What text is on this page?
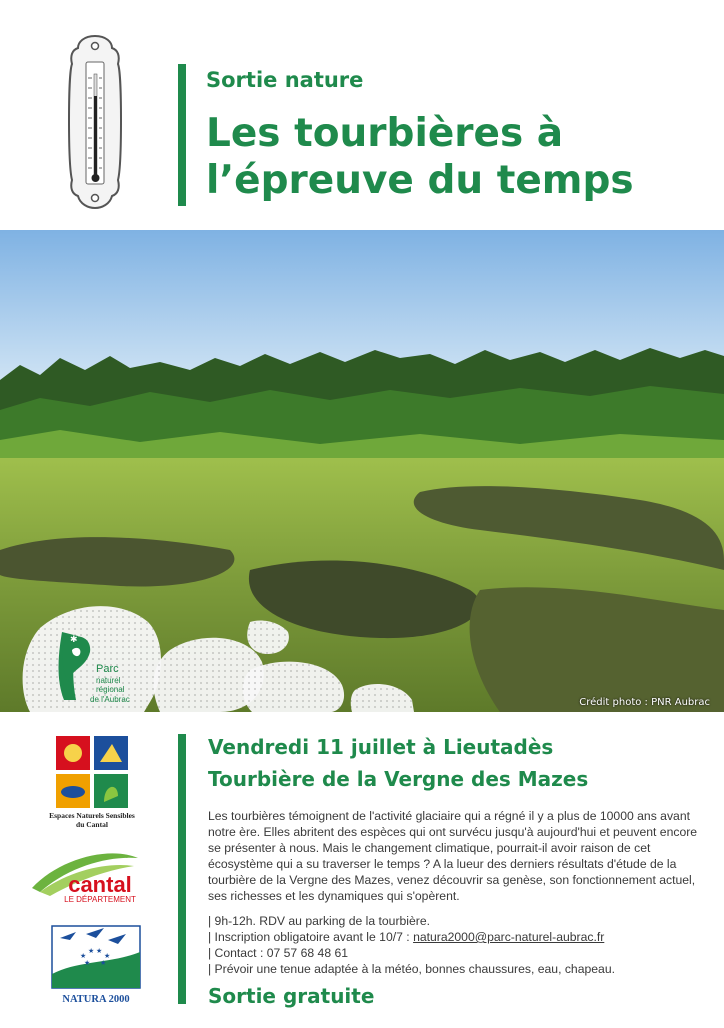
Sortie nature
Les tourbières à
l’épreuve du temps
✱
Parc
naturel
régional
de l'Aubrac	Crédit photo : PNR Aubrac
Espaces Naturels Sensibles
du Cantal
cantal
LE DÉPARTEMENT
★
★ ★
★
★ ★
NATURA 2000
Vendredi 11 juillet à Lieutadès
Tourbière de la Vergne des Mazes

Les tourbières témoignent de l'activité glaciaire qui a régné il y a plus de 10000 ans avant notre ère. Elles abritent des espèces qui ont survécu jusqu'à aujourd'hui et peuvent encore se présenter à nous. Mais le changement climatique, pourrait-il avoir raison de cet écosystème qui a su traverser le temps ? A la lueur des derniers résultats d'étude de la tourbière de la Vergne des Mazes, venez découvrir sa genèse, son fonctionnement actuel, ses richesses et les dynamiques qui s'opèrent.

| 9h-12h. RDV au parking de la tourbière.
| Inscription obligatoire avant le 10/7 : natura2000@parc-naturel-aubrac.fr
| Contact : 07 57 68 48 61
| Prévoir une tenue adaptée à la météo, bonnes chaussures, eau, chapeau.
Sortie gratuite
